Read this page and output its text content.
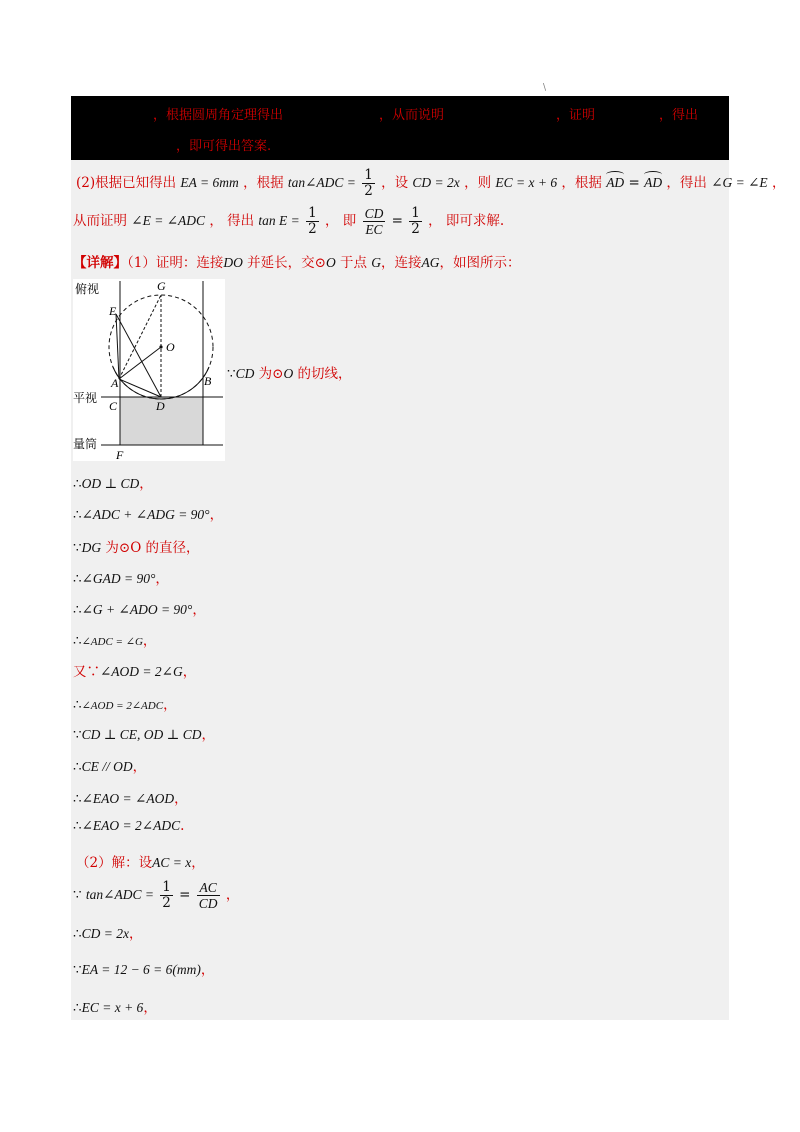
\
，根据圆周角定理得出	，从而说明	，证明	，得出
，即可得出答案.
(2)根据已知得出 EA = 6mm ，根据 tan∠ADC = $\frac{1}{2}$ ，设 CD = 2x ，则 EC = x + 6 ，根据 AD = AD ，得出 ∠G = ∠E ，
从而证明 ∠E = ∠ADC ， 得出 $\tan E = \frac{1}{2}$ ， 即 $\frac{CD}{EC} = \frac{1}{2}$ ， 即可求解.
【详解】（1）证明：连接DO 并延长，交⊙O 于点 G，连接AG，如图所示：
俯视
平视
量筒
G
E
O
A	B
C	D
F
∵CD 为⊙O 的切线，
∴OD ⊥ CD，
∴∠ADC + ∠ADG = 90°，
∵DG 为⊙O 的直径，
∴∠GAD = 90°，
∴∠G + ∠ADO = 90°，
∴∠ADC = ∠G，
又∵∠AOD = 2∠G，
∴∠AOD = 2∠ADC，
∵CD ⊥ CE, OD ⊥ CD，
∴CE // OD，
∴∠EAO = ∠AOD，
∴∠EAO = 2∠ADC.
（2）解：设AC = x，
∵ tan∠ADC = $\frac{1}{2} = \frac{AC}{CD}$ ，
∴CD = 2x，
∵EA = 12 − 6 = 6(mm)，
∴EC = x + 6，
